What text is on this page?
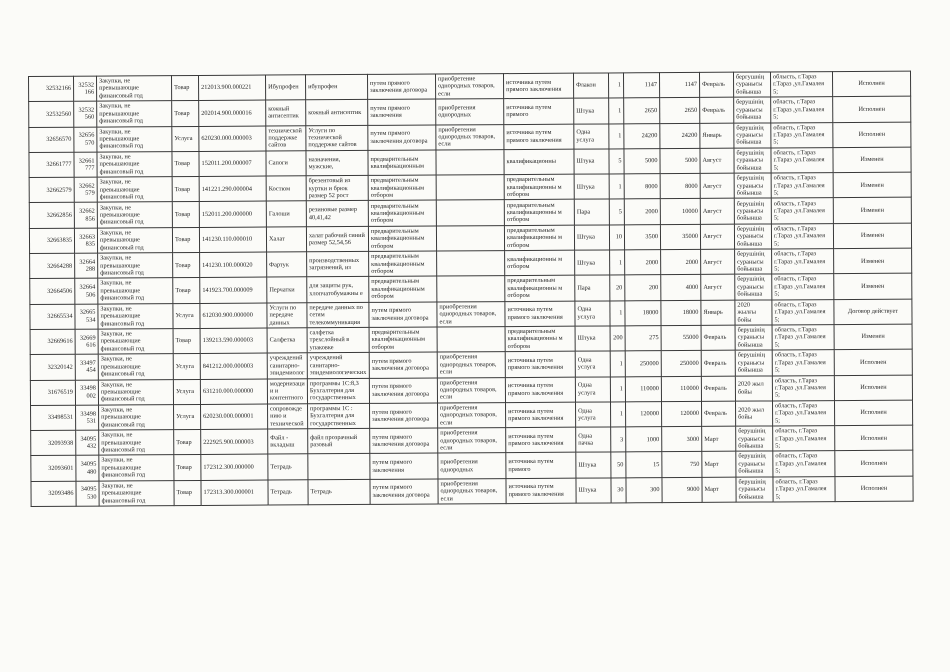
32532166	32532166	Закупки, не превышающие финансовый год	Товар	212013.900.000221	Ибупрофен	ибупрофен	путем прямого заключения договора	приобретение однородных товаров, если	источника путем прямого заключения	Флакон	1	1147	1147	Февраль	бергушнің суранысы бойынша	облысть, г.Тараз г.Тараз ,ул.Гамалея 5;	Исполнен
32532560	32532560	Закупки, не превышающие финансовый год	Товар	202014.900.000016	кожный антисептик	кожный антисептик	путем прямого заключения	приобретения однородных	источника путем прямого	Штука	1	2650	2650	Февраль	берушінің суранысы бойынша	область, г.Тараз г.Тараз ,ул.Гамалея 5;	Исполнен
32656570	32656570	Закупки, не превышающие финансовый год	Услуга	620230.000.000003	технической поддержке сайтов	Услуги по технической поддержке сайтов	путем прямого заключения договора	приобретения однородных товаров, если	источника путем прямого заключения	Одна услуга	1	24200	24200	Январь	берушінің суранысы бойынша	область, г.Тараз г.Тараз ,ул.Гамалея 5;	Исполнен
32661777	32661777	Закупки, не превышающие финансовый год	Товар	152011.200.000007	Сапоги	назначения, мужские,	предварительным квалификационным		квалификационны	Штука	5	5000	5000	Август	берушінің суранысы бойынша	область, г.Тараз г.Тараз ,ул.Гамалея 5;	Изменен
32662579	32662579	Закупки, не превышающие финансовый год	Товар	141221.290.000004	Костюм	брезентовый из куртки и брюк размер 52 рост	предварительным квалификационным отбором		предварительным квалификационны м отбором	Штука	1	8000	8000	Август	берушінің суранысы бойынша	область, г.Тараз г.Тараз ,ул.Гамалея 5;	Изменен
32662856	32662856	Закупки, не превышающие финансовый год	Товар	152011.200.000000	Галоши	резиновые размер 40,41,42	предварительным квалификационным отбором		предварительным квалификационны м отбором	Пара	5	2000	10000	Август	берушінің суранысы бойынша	область, г.Тараз г.Тараз ,ул.Гамалея 5;	Изменен
32663835	32663835	Закупки, не превышающие финансовый год	Товар	141230.110.000010	Халат	халат рабочий синий размер 52,54,56	предварительным квалификационным отбором		предварительным квалификационны м отбором	Штука	10	3500	35000	Август	берушінің суранысы бойынша	область, г.Тараз г.Тараз ,ул.Гамалея 5;	Изменен
32664288	32664288	Закупки, не превышающие финансовый год	Товар	141230.100.000020	Фартук	производственных загрязнений, из	предварительным квалификационным отбором		квалификационны м отбором	Штука	1	2000	2000	Август	берушінің суранысы бойынша	область, г.Тараз г.Тараз ,ул.Гамалея 5;	Изменен
32664506	32664506	Закупки, не превышающие финансовый год	Товар	141923.700.000009	Перчатки	для защиты рук, хлопчатобумажны е	предварительным квалификационным отбором		предварительным квалификационны м отбором	Пара	20	200	4000	Август	берушінің суранысы бойынша	область, г.Тараз г.Тараз ,ул.Гамалея 5;	Изменен
32665534	32665534	Закупки, не превышающие финансовый год	Услуга	612030.900.000000	Услуги по передаче данных	передаче данных по сетям телекоммуникация	путем прямого заключения договора	приобретения однородных товаров, если	источника путем прямого заключения	Одна услуга	1	18000	18000	Январь	2020 жылғы бойы	область, г.Тараз г.Тараз ,ул.Гамалея 5;	Договор действует
32669616	32669616	Закупки, не превышающие финансовый год	Товар	139213.590.000003	Салфетка	салфетка трехслойный в упаковке	предварительным квалификационным отбором		предварительным квалификационны м отбором	Штука	200	275	55000	Февраль	берушінің суранысы бойынша	область, г.Тараз г.Тараз ,ул.Гамалея 5;	Изменен
32320142	33497454	Закупки, не превышающие финансовый год	Услуга	841212.000.000003	учреждений санитарно-эпидемиолог	учреждений санитарно-эпидемиологических	путем прямого заключения договора	приобретения однородных товаров, если	источника путем прямого заключения	Одна услуга	1	250000	250000	Февраль	берушінің суранысы бойынша	область, г.Тараз г.Тараз ,ул.Гамалея 5;	Исполнен
31676519	33498002	Закупки, не превышающие финансовый год	Услуга	631210.000.000000	модернизаци и и контентного	программы 1С:8,3 Бухгалтерия для государственных	путем прямого заключения договора	приобретения однородных товаров, если	источника путем прямого заключения	Одна услуга	1	110000	110000	Февраль	2020 жыл бойы	область, г.Тараз г.Тараз ,ул.Гамалея 5;	Исполнен
33498531	33498531	Закупки, не превышающие финансовый год	Услуга	620230.000.000001	сопровожде нию и технической	программы 1С : Бухгалтерия для государственных	путем прямого заключения договора	приобретения однородных товаров, если	источника путем прямого заключения	Одна услуга	1	120000	120000	Февраль	2020 жыл бойы	область, г.Тараз г.Тараз ,ул.Гамалея 5;	Исполнен
32093938	34095432	Закупки, не превышающие финансовый год	Товар	222925.900.000003	Файл - вкладыш	файл прозрачный разовый	путем прямого заключения договора	приобретения однородных товаров, если	источника путем прямого заключения	Одна пачка	3	1000	3000	Март	берушінің суранысы бойынша	область, г.Тараз г.Тараз ,ул.Гамалея 5;	Исполнен
32093601	34095480	Закупки, не превышающие финансовый год	Товар	172312.300.000000	Тетрадь		путем прямого заключения	приобретения однородных	источника путем прямого	Штука	50	15	750	Март	берушінің суранысы бойынша	область, г.Тараз г.Тараз ,ул.Гамалея 5;	Исполнен
32093486	34095530	Закупки, не превышающие финансовый год	Товар	172313.300.000001	Тетрадь	Тетрадь	путем прямого заключения договора	приобретения однородных товаров, если	источника путем прямого заключения	Штука	30	300	9000	Март	берушінің суранысы бойынша	область, г.Тараз г.Тараз ,ул.Гамалея 5;	Исполнен
